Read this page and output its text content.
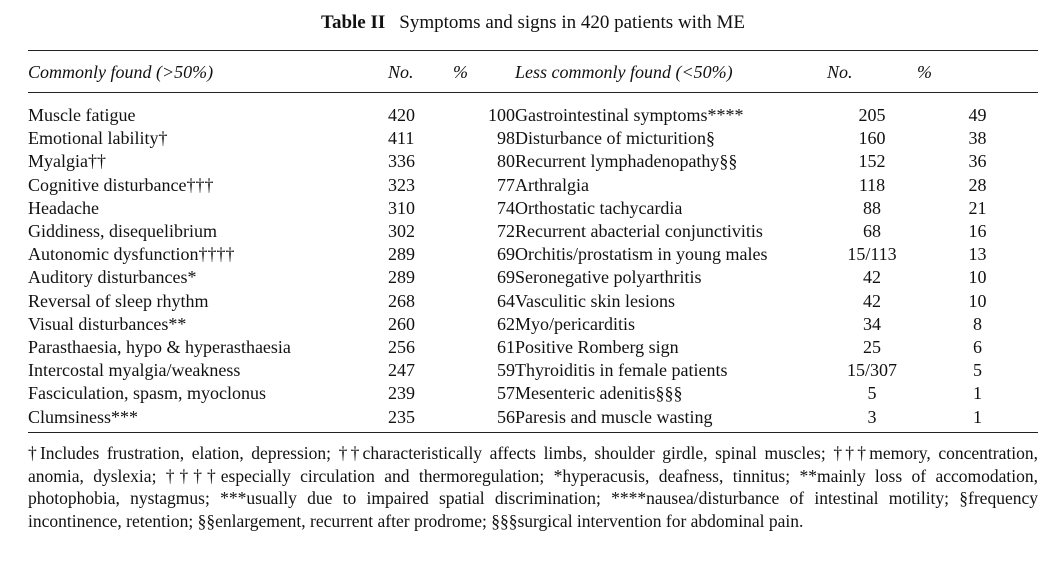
Table II Symptoms and signs in 420 patients with ME
Commonly found (>50%)	No.	%	Less commonly found (<50%)	No.	%
Muscle fatigue	420	100	Gastrointestinal symptoms****	205	49
Emotional lability†	411	98	Disturbance of micturition§	160	38
Myalgia††	336	80	Recurrent lymphadenopathy§§	152	36
Cognitive disturbance†††	323	77	Arthralgia	118	28
Headache	310	74	Orthostatic tachycardia	88	21
Giddiness, disequelibrium	302	72	Recurrent abacterial conjunctivitis	68	16
Autonomic dysfunction††††	289	69	Orchitis/prostatism in young males	15/113	13
Auditory disturbances*	289	69	Seronegative polyarthritis	42	10
Reversal of sleep rhythm	268	64	Vasculitic skin lesions	42	10
Visual disturbances**	260	62	Myo/pericarditis	34	8
Parasthaesia, hypo & hyperasthaesia	256	61	Positive Romberg sign	25	6
Intercostal myalgia/weakness	247	59	Thyroiditis in female patients	15/307	5
Fasciculation, spasm, myoclonus	239	57	Mesenteric adenitis§§§	5	1
Clumsiness***	235	56	Paresis and muscle wasting	3	1
†Includes frustration, elation, depression; ††characteristically affects limbs, shoulder girdle, spinal muscles; †††memory, concentration, anomia, dyslexia; ††††especially circulation and thermoregulation; *hyperacusis, deafness, tinnitus; **mainly loss of accomodation, photophobia, nystagmus; ***usually due to impaired spatial discrimination; ****nausea/disturbance of intestinal motility; §frequency incontinence, retention; §§enlargement, recurrent after prodrome; §§§surgical intervention for abdominal pain.
